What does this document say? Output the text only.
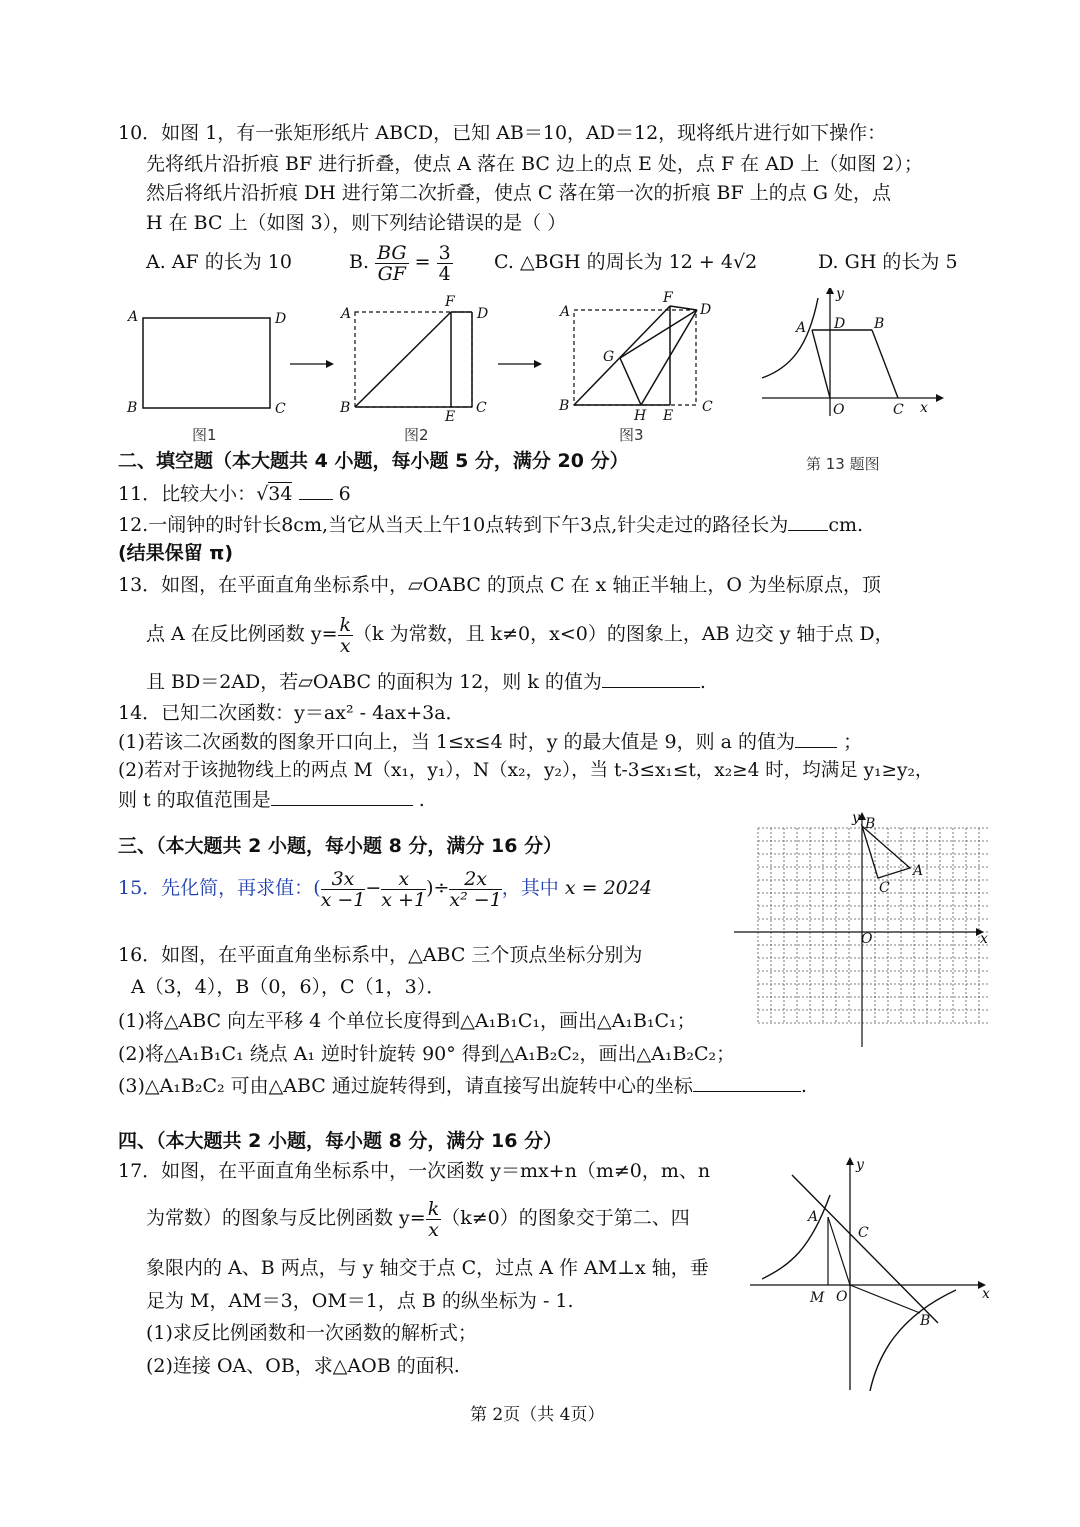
10．如图 1，有一张矩形纸片 ABCD，已知 AB＝10，AD＝12，现将纸片进行如下操作：
先将纸片沿折痕 BF 进行折叠，使点 A 落在 BC 边上的点 E 处，点 F 在 AD 上（如图 2）；
然后将纸片沿折痕 DH 进行第二次折叠，使点 C 落在第一次的折痕 BF 上的点 G 处，点
H 在 BC 上（如图 3），则下列结论错误的是（ ）
A. AF 的长为 10	B. $\frac{BG}{GF} = \frac{3}{4} C$. △BGH 的周长为 12 + 4√2	D. GH 的长为 5
A	D
B	C
A
F
D
B
E
C
A
F
D
G
B
H E
C
A D B
y
O	C x
图1	图2	图3
第 13 题图
二、填空题（本大题共 4 小题，每小题 5 分，满分 20 分）
11．比较大小：√34 6
12.一闹钟的时针长8cm,当它从当天上午10点转到下午3点,针尖走过的路径长为 cm.
(结果保留 π)
13．如图，在平面直角坐标系中，▱OABC 的顶点 C 在 x 轴正半轴上，O 为坐标原点，顶
点 A 在反比例函数 $y= \frac{k}{x} (k$ 为常数，且 k≠0，x<0）的图象上，AB 边交 y 轴于点 D，
且 BD＝2AD，若▱OABC 的面积为 12，则 k 的值为	.
14．已知二次函数：y＝ax² - 4ax+3a．
(1)若该二次函数的图象开口向上，当 1≤x≤4 时，y 的最大值是 9，则 a 的值为	；
(2)若对于该抛物线上的两点 M（x₁，y₁），N（x₂，y₂），当 t-3≤x₁≤t，x₂≥4 时，均满足 y₁≥y₂，
则 t 的取值范围是	.
三、（本大题共 2 小题，每小题 8 分，满分 16 分）
15．先化简，再求值：( $\frac{3x}{x -1} - \frac{x}{x +1}$ )÷ $\frac{2x}{\text{x² −1}}$ ，其中 x = 2024
y
x
O
B
A
C
16．如图，在平面直角坐标系中，△ABC 三个顶点坐标分别为
A（3，4），B（0，6），C（1，3）．
(1)将△ABC 向左平移 4 个单位长度得到△A₁B₁C₁，画出△A₁B₁C₁；
(2)将△A₁B₁C₁ 绕点 A₁ 逆时针旋转 90° 得到△A₁B₂C₂，画出△A₁B₂C₂；
(3)△A₁B₂C₂ 可由△ABC 通过旋转得到，请直接写出旋转中心的坐标	.
四、（本大题共 2 小题，每小题 8 分，满分 16 分）
17．如图，在平面直角坐标系中，一次函数 y＝mx+n（m≠0，m、n
为常数）的图象与反比例函数 $y= \frac{k}{x} (k\ne 0)$的图象交于第二、四
象限内的 A、B 两点，与 y 轴交于点 C，过点 A 作 AM⊥x 轴，垂
足为 M，AM＝3，OM＝1，点 B 的纵坐标为 - 1.
(1)求反比例函数和一次函数的解析式；
(2)连接 OA、OB，求△AOB 的面积.
y
x
A
C
M O
B
第 2页（共 4页）
